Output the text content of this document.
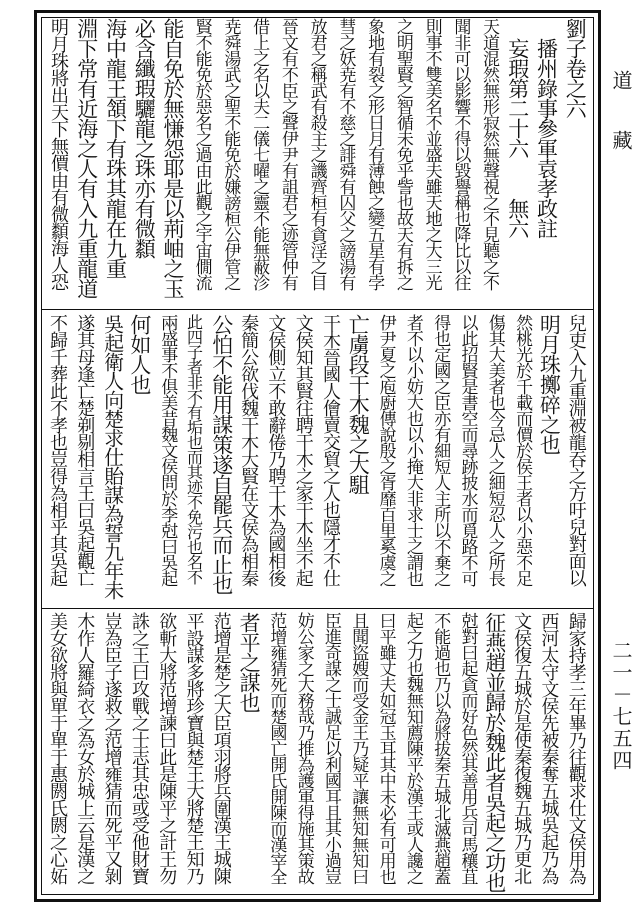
道 藏
二一－七五四
劉子卷之六
　播州錄事參軍袁孝政註
　妄瑕第二十六　　無六
天道混然無形寂然無聲視之不見聽之不
聞非可以影響不得以毀譽稱也降比以往
則事不雙美名不並盛夫雖天地之大三光
之明聖賢之智循未免乎訾也故天有拆之
象地有裂之形日月有薄蝕之變五星有孛
彗之妖尭有不慈之誹舜有囚父之謗湯有
放君之稱武有殺主之譏齊桓有貪淫之目
晉文有不臣之聲伊尹有詛君之迹管仲有
借上之名以夫二儀七曜之靈不能無蔽沴
尭舜湯武之聖不能免於嫌謗桓公伊管之
賢不能免於惡名之過由此觀之宇宙僩流
能自免於無慊怨耶是以荊岫之玉
必含纖瑕驪龍之珠亦有微纇
海中龍王頷下有珠其龍在九重
淵下常有近海之人有入九重龍道
明月珠將出天下無價由有微纇海人恐
兒吏入九重淵被龍吞之方吁兒對面以
明月珠擲碎之也
然桃光於千載而價於侯王者以小惡不足
傷其大美者也今忌人之細短忍人之所長
以此招賢是書空而尋跡披水而覓路不可
得也定國之臣亦有細短人主所以不棄之
者不以小妨大也以小掩大非求士之謂也
伊尹夏之庖廚傳說殷之胥靡百里奚虞之
亡虜段干木魏之大駔
干木晉國人儈賣交貿之人也隱才不仕
文侯知其賢往聘干木之家干木坐不起
文侯側立不敢辭倦乃聘干木為國相後
秦簡公欲伐魏干木大賢在文侯為相秦
公怕不能用謀策遂自罷兵而止也
此四子者非不有垢也而其迹不免污也名不
兩盛事不俱美昔魏文侯問於李尅曰吳起
何如人也
吳起衛人向楚求仕貽謀為誓九年未
遂其母逢亡楚剃剔相言王曰吳起觀亡
不歸千葬此不孝也豈得為相乎其吳起
歸家持孝三年畢乃往觀求仕文侯用為
西河太守文侯先被秦奪五城吳起乃為
文侯復五城於是使秦復魏五城乃更北
征燕趙並歸於魏此者吳起之功也
尅對曰起貪而好色然其善用兵司馬穰苴
不能過也乃以為將拔秦五城北滅燕趙蓋
起之力也魏無知薦陳平於漢王或人讒之
曰平雖丈夫如冠玉耳其中未必有可用也
且聞盜嫂而受金王乃疑平讓無知無知曰
臣進奇謀之士誠足以利國耳且其小過豈
妨公家之大務哉乃推為護軍得施其策故
范增雍猜死而楚國亡開氏開陳而漢宰全
者平之謀也
范增是楚之大臣項羽將兵圍漢王城陳
平設謀多將珍寶與楚王大將楚王知乃
欲斬大將范增諫曰此是陳平之計王勿
誅之王曰攻戰之士志其忠或受他財寶
豈為臣子遂救之范增雍猜而死平又剝
木作人羅綺衣之為女於城上云是漢之
美女欲將與單于單于惠閼氏閼之心妬
